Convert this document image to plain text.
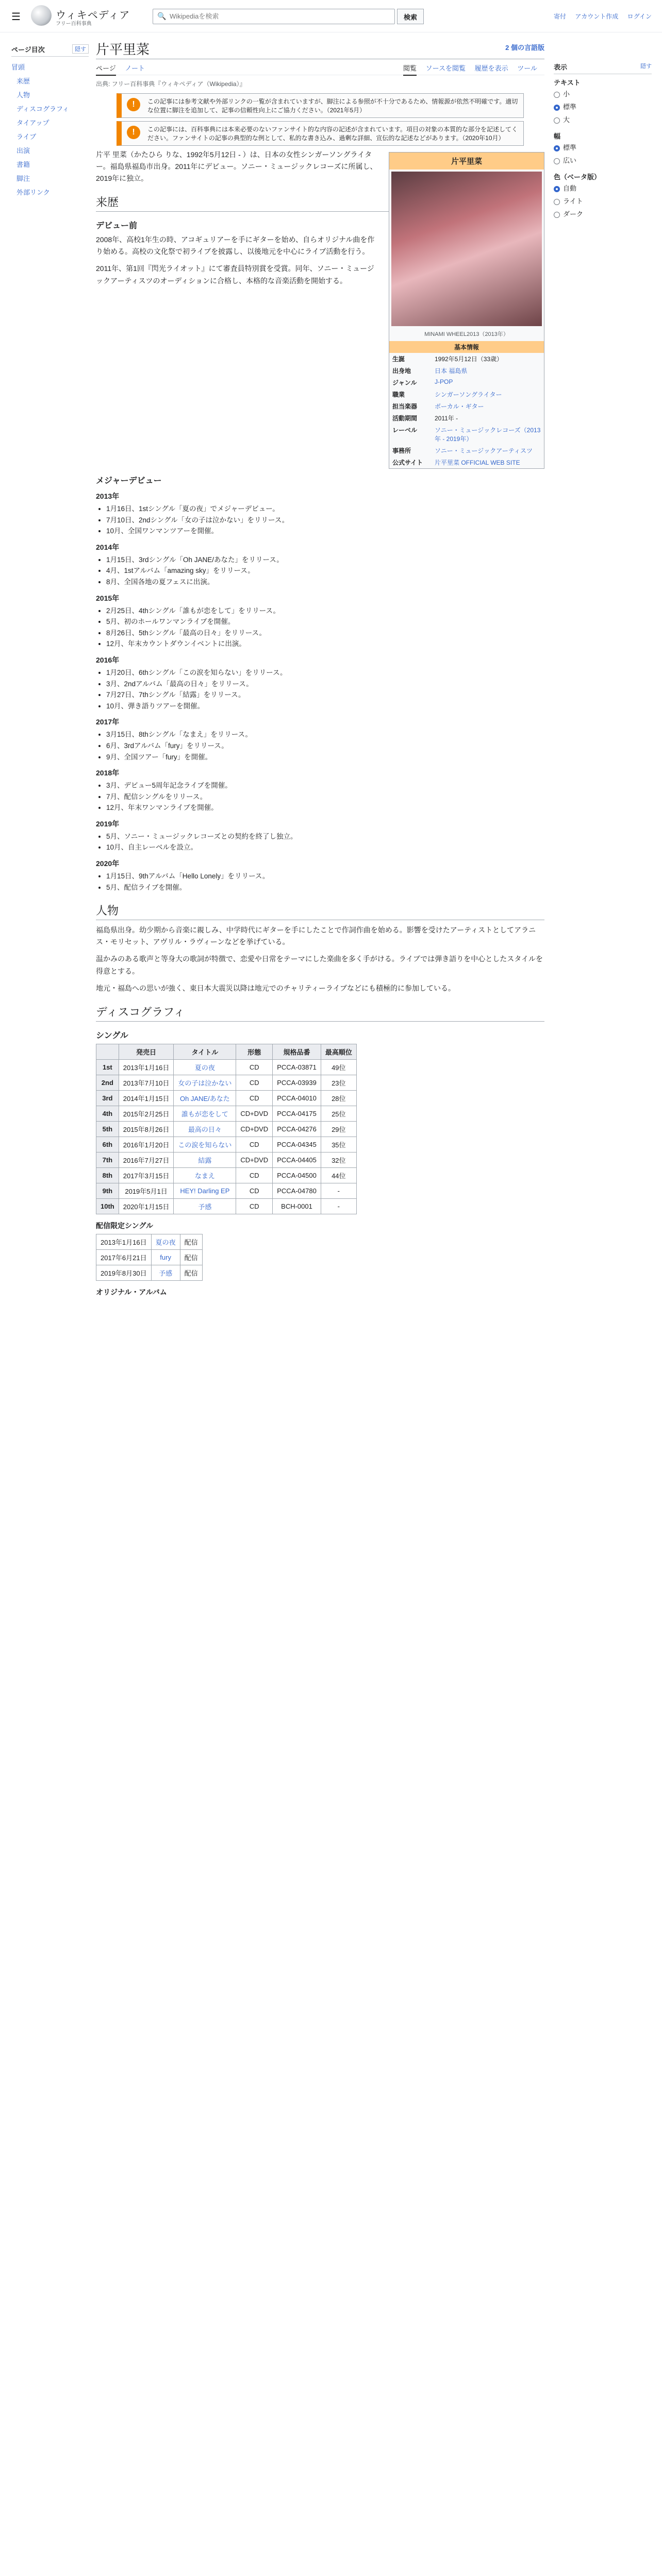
☰	ウィキペディア
フリー百科事典
🔍
Wikipediaを検索	検索	寄付 アカウント作成 ログイン
ページ目次	隠す
冒頭
来歴
人物
ディスコグラフィ
タイアップ
ライブ
出演
書籍
脚注
外部リンク
表示	隠す
テキスト
小
標準
大
幅
標準
広い
色（ベータ版）
自動
ライト
ダーク
片平里菜	2 個の言語版
ページ ノート	閲覧 ソースを閲覧 履歴を表示 ツール
出典: フリー百科事典『ウィキペディア（Wikipedia）』
!	この記事には参考文献や外部リンクの一覧が含まれていますが、脚注による参照が不十分であるため、情報源が依然不明確です。適切な位置に脚注を追加して、記事の信頼性向上にご協力ください。（2021年5月）
!	この記事には、百科事典には本来必要のないファンサイト的な内容の記述が含まれています。項目の対象の本質的な部分を記述してください。ファンサイトの記事の典型的な例として、私的な書き込み、過剰な詳細、宣伝的な記述などがあります。（2020年10月）
片平里菜
MINAMI WHEEL2013（2013年）
基本情報
生誕	1992年5月12日（33歳）
出身地	日本 福島県
ジャンル	J-POP
職業	シンガーソングライター
担当楽器	ボーカル・ギター
活動期間	2011年 -
レーベル	ソニー・ミュージックレコーズ（2013年 - 2019年）
事務所	ソニー・ミュージックアーティスツ
公式サイト	片平里菜 OFFICIAL WEB SITE

片平 里菜（かたひら りな、1992年5月12日 - ）は、日本の女性シンガーソングライター。福島県福島市出身。2011年にデビュー。ソニー・ミュージックレコーズに所属し、2019年に独立。

来歴
デビュー前

2008年、高校1年生の時、アコギュリアーを手にギターを始め、自らオリジナル曲を作り始める。高校の文化祭で初ライブを披露し、以後地元を中心にライブ活動を行う。

2011年、第1回『閃光ライオット』にて審査員特別賞を受賞。同年、ソニー・ミュージックアーティスツのオーディションに合格し、本格的な音楽活動を開始する。

メジャーデビュー
2013年
• 1月16日、1stシングル「夏の夜」でメジャーデビュー。
• 7月10日、2ndシングル「女の子は泣かない」をリリース。
• 10月、全国ワンマンツアーを開催。
2014年
• 1月15日、3rdシングル「Oh JANE/あなた」をリリース。
• 4月、1stアルバム「amazing sky」をリリース。
• 8月、全国各地の夏フェスに出演。
2015年
• 2月25日、4thシングル「誰もが恋をして」をリリース。
• 5月、初のホールワンマンライブを開催。
• 8月26日、5thシングル「最高の日々」をリリース。
• 12月、年末カウントダウンイベントに出演。
2016年
• 1月20日、6thシングル「この涙を知らない」をリリース。
• 3月、2ndアルバム「最高の日々」をリリース。
• 7月27日、7thシングル「結露」をリリース。
• 10月、弾き語りツアーを開催。
2017年
• 3月15日、8thシングル「なまえ」をリリース。
• 6月、3rdアルバム「fury」をリリース。
• 9月、全国ツアー「fury」を開催。
2018年
• 3月、デビュー5周年記念ライブを開催。
• 7月、配信シングルをリリース。
• 12月、年末ワンマンライブを開催。
2019年
• 5月、ソニー・ミュージックレコーズとの契約を終了し独立。
• 10月、自主レーベルを設立。
2020年
• 1月15日、9thアルバム「Hello Lonely」をリリース。
• 5月、配信ライブを開催。
人物

福島県出身。幼少期から音楽に親しみ、中学時代にギターを手にしたことで作詞作曲を始める。影響を受けたアーティストとしてアラニス・モリセット、アヴリル・ラヴィーンなどを挙げている。

温かみのある歌声と等身大の歌詞が特徴で、恋愛や日常をテーマにした楽曲を多く手がける。ライブでは弾き語りを中心としたスタイルを得意とする。

地元・福島への思いが強く、東日本大震災以降は地元でのチャリティーライブなどにも積極的に参加している。

ディスコグラフィ
シングル
	発売日	タイトル	形態	規格品番	最高順位
1st	2013年1月16日	夏の夜	CD	PCCA-03871	49位
2nd	2013年7月10日	女の子は泣かない	CD	PCCA-03939	23位
3rd	2014年1月15日	Oh JANE/あなた	CD	PCCA-04010	28位
4th	2015年2月25日	誰もが恋をして	CD+DVD	PCCA-04175	25位
5th	2015年8月26日	最高の日々	CD+DVD	PCCA-04276	29位
6th	2016年1月20日	この涙を知らない	CD	PCCA-04345	35位
7th	2016年7月27日	結露	CD+DVD	PCCA-04405	32位
8th	2017年3月15日	なまえ	CD	PCCA-04500	44位
9th	2019年5月1日	HEY! Darling EP	CD	PCCA-04780	-
10th	2020年1月15日	予感	CD	BCH-0001	-
配信限定シングル
2013年1月16日	夏の夜	配信
2017年6月21日	fury	配信
2019年8月30日	予感	配信
オリジナル・アルバム
